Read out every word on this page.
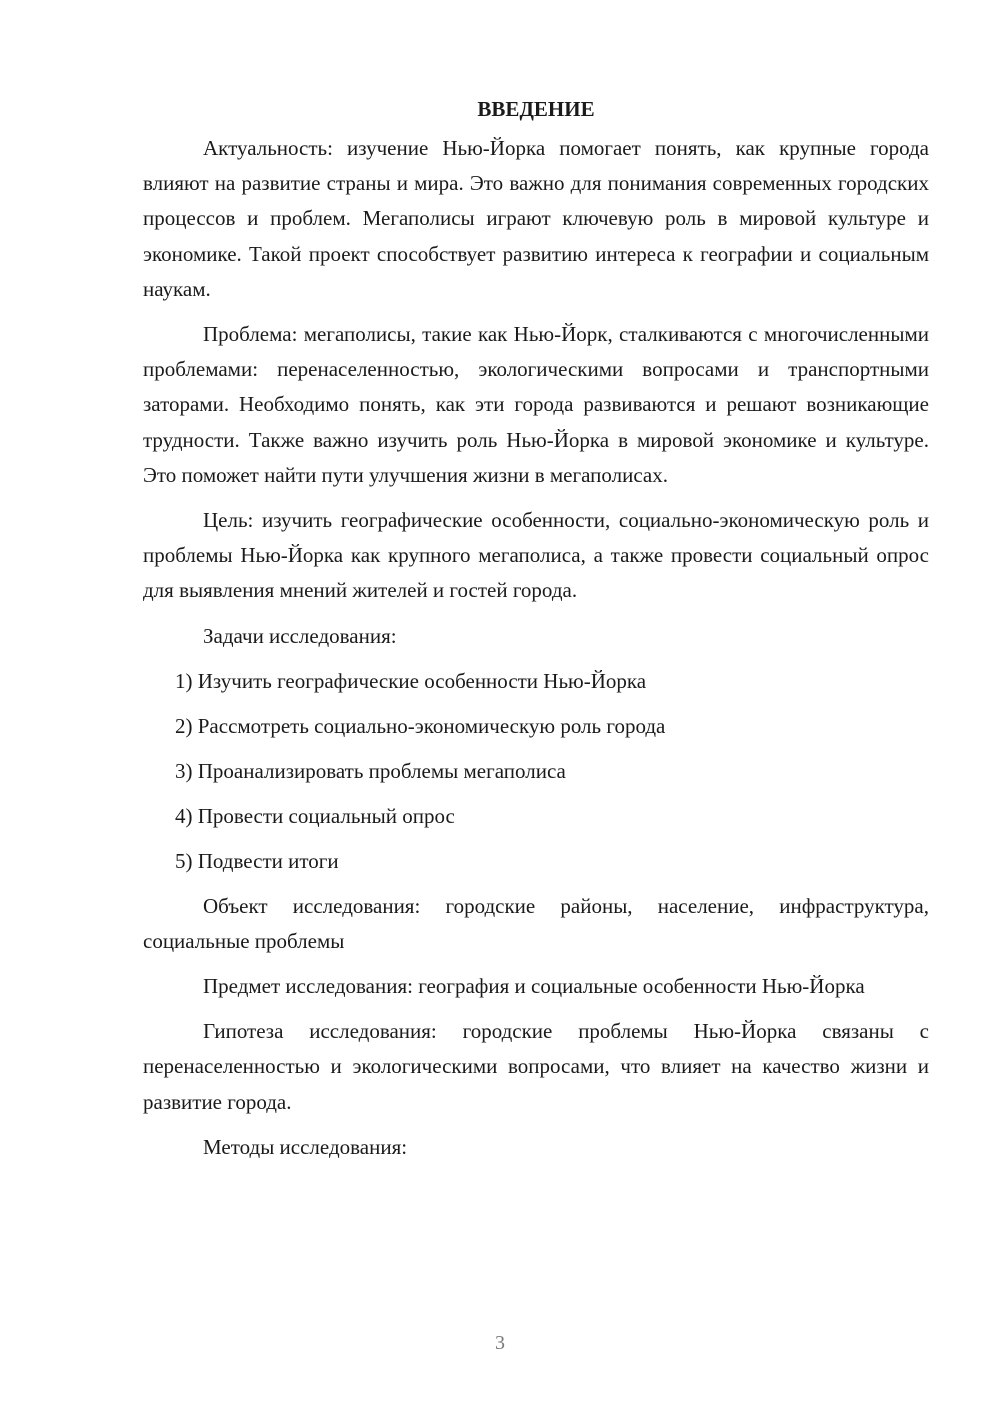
ВВЕДЕНИЕ

Актуальность: изучение Нью-Йорка помогает понять, как крупные города влияют на развитие страны и мира. Это важно для понимания современных городских процессов и проблем. Мегаполисы играют ключевую роль в мировой культуре и экономике. Такой проект способствует развитию интереса к географии и социальным наукам.

Проблема: мегаполисы, такие как Нью-Йорк, сталкиваются с многочисленными проблемами: перенаселенностью, экологическими вопросами и транспортными заторами. Необходимо понять, как эти города развиваются и решают возникающие трудности. Также важно изучить роль Нью-Йорка в мировой экономике и культуре. Это поможет найти пути улучшения жизни в мегаполисах.

Цель: изучить географические особенности, социально-экономическую роль и проблемы Нью-Йорка как крупного мегаполиса, а также провести социальный опрос для выявления мнений жителей и гостей города.

Задачи исследования:
1) Изучить географические особенности Нью-Йорка
2) Рассмотреть социально-экономическую роль города
3) Проанализировать проблемы мегаполиса
4) Провести социальный опрос
5) Подвести итоги

Объект исследования: городские районы, население, инфраструктура, социальные проблемы

Предмет исследования: география и социальные особенности Нью-Йорка

Гипотеза исследования: городские проблемы Нью-Йорка связаны с перенаселенностью и экологическими вопросами, что влияет на качество жизни и развитие города.

Методы исследования:

3
